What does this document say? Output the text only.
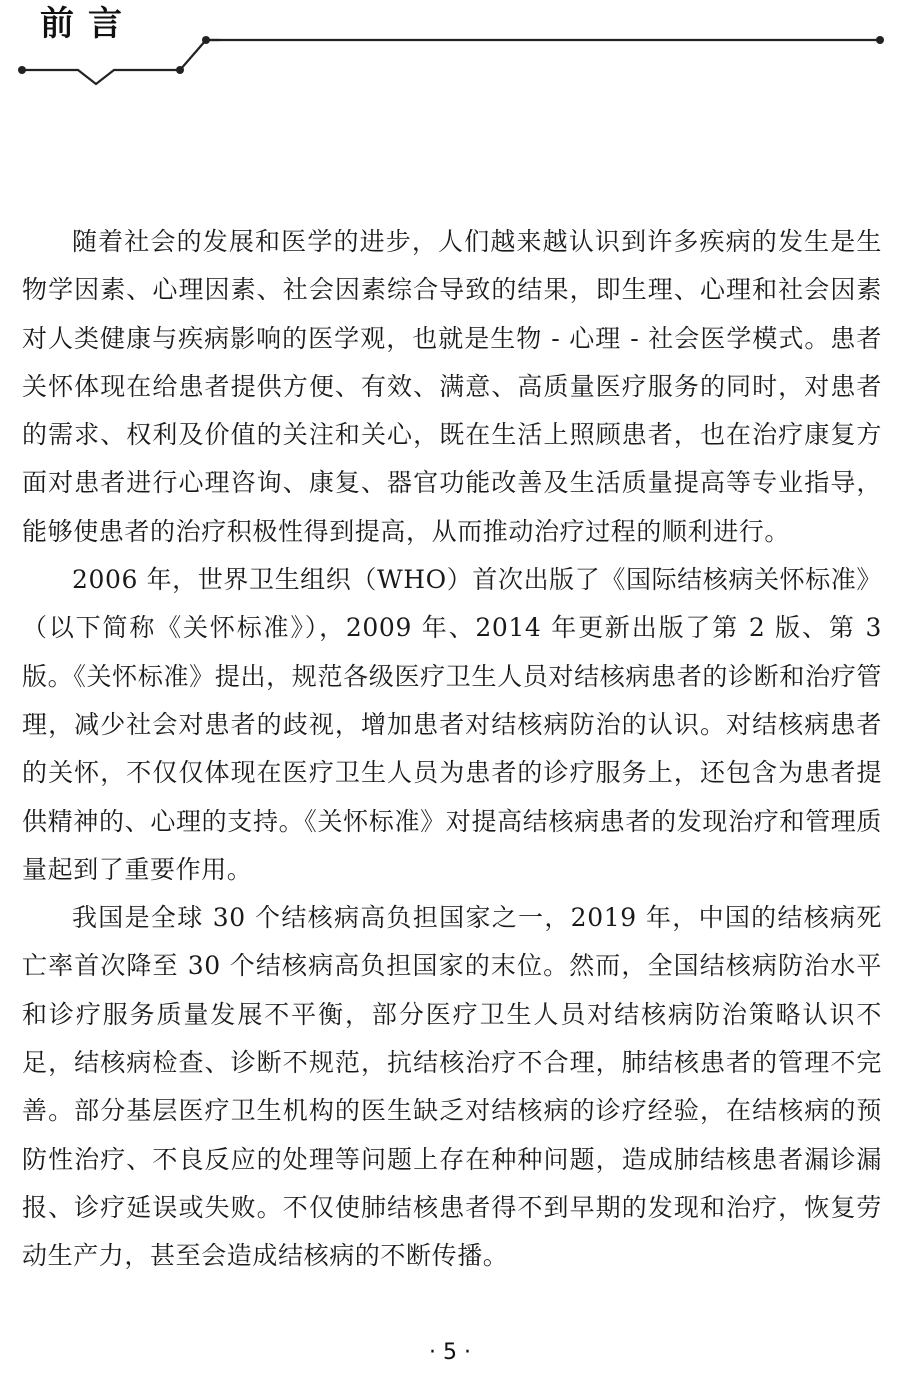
前言

随着社会的发展和医学的进步，人们越来越认识到许多疾病的发生是生物学因素、心理因素、社会因素综合导致的结果，即生理、心理和社会因素对人类健康与疾病影响的医学观，也就是生物 - 心理 - 社会医学模式。患者关怀体现在给患者提供方便、有效、满意、高质量医疗服务的同时，对患者的需求、权利及价值的关注和关心，既在生活上照顾患者，也在治疗康复方面对患者进行心理咨询、康复、器官功能改善及生活质量提高等专业指导，能够使患者的治疗积极性得到提高，从而推动治疗过程的顺利进行。

2006 年，世界卫生组织（WHO）首次出版了《国际结核病关怀标准》（以下简称《关怀标准》），2009 年、2014 年更新出版了第 2 版、第 3 版。《关怀标准》提出，规范各级医疗卫生人员对结核病患者的诊断和治疗管理，减少社会对患者的歧视，增加患者对结核病防治的认识。对结核病患者的关怀，不仅仅体现在医疗卫生人员为患者的诊疗服务上，还包含为患者提供精神的、心理的支持。《关怀标准》对提高结核病患者的发现治疗和管理质量起到了重要作用。

我国是全球 30 个结核病高负担国家之一，2019 年，中国的结核病死亡率首次降至 30 个结核病高负担国家的末位。然而，全国结核病防治水平和诊疗服务质量发展不平衡，部分医疗卫生人员对结核病防治策略认识不足，结核病检查、诊断不规范，抗结核治疗不合理，肺结核患者的管理不完善。部分基层医疗卫生机构的医生缺乏对结核病的诊疗经验，在结核病的预防性治疗、不良反应的处理等问题上存在种种问题，造成肺结核患者漏诊漏报、诊疗延误或失败。不仅使肺结核患者得不到早期的发现和治疗，恢复劳动生产力，甚至会造成结核病的不断传播。

· 5 ·
